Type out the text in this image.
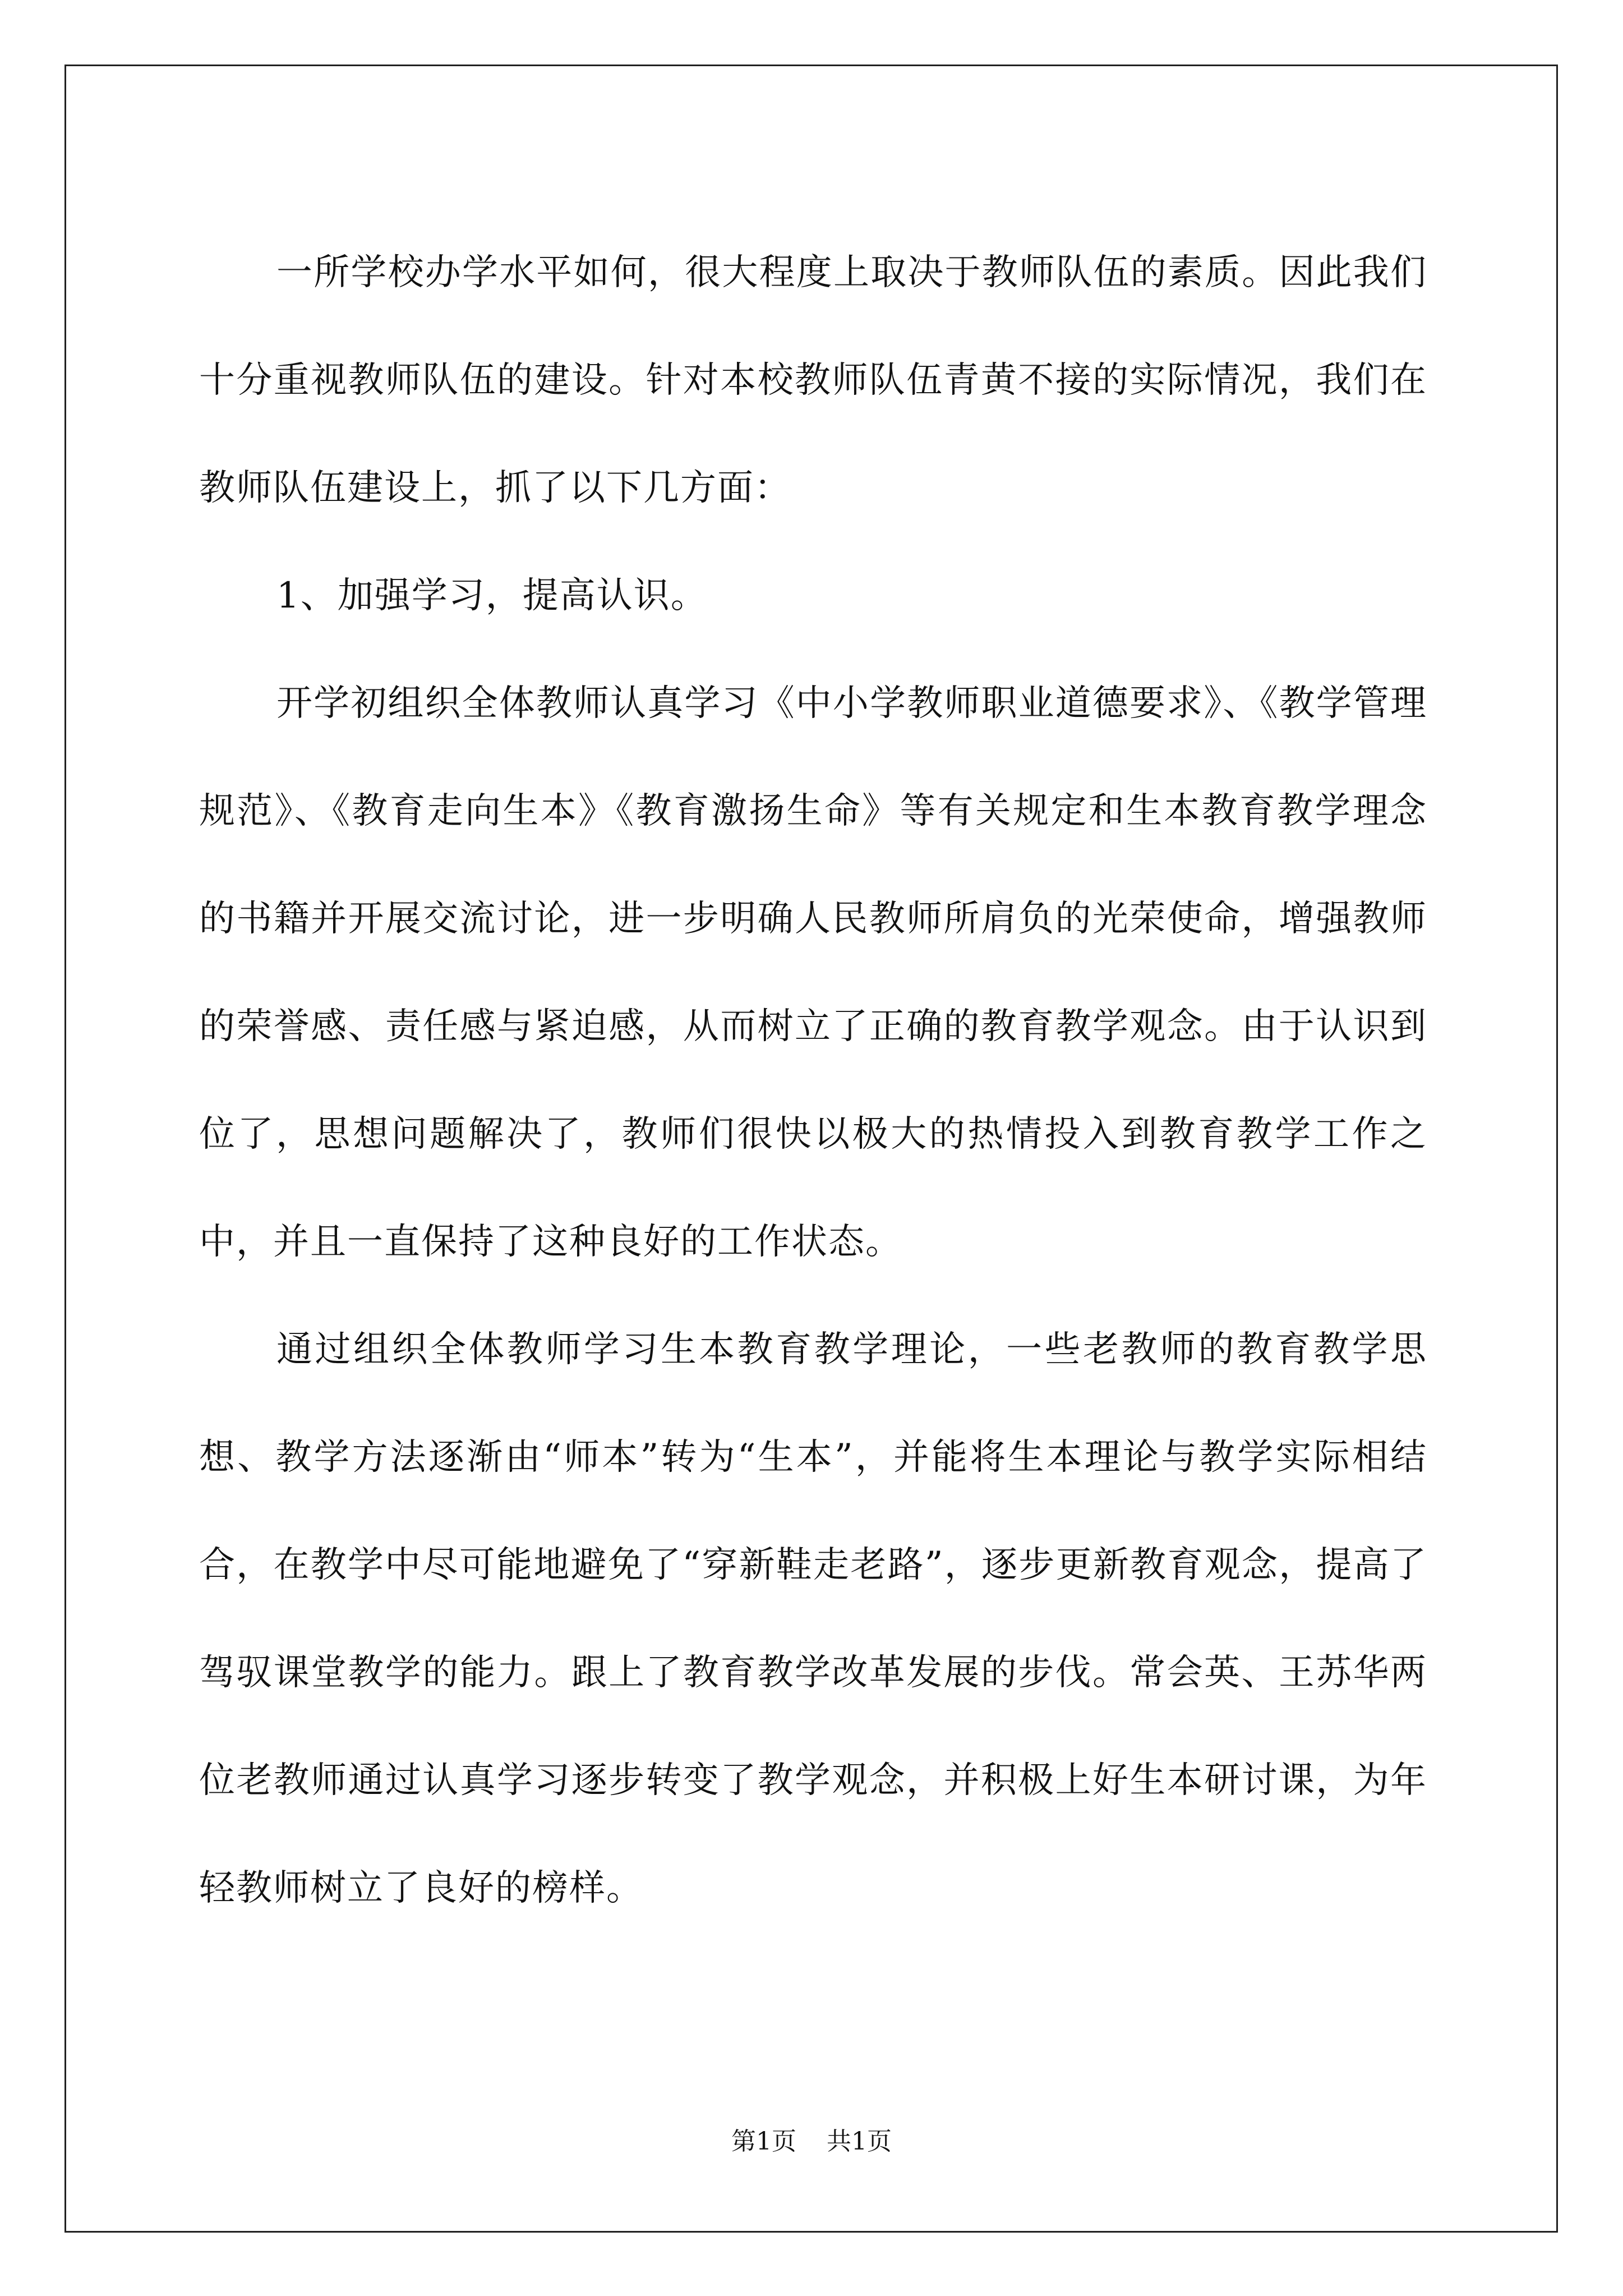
一所学校办学水平如何，很大程度上取决于教师队伍的素质。因此我们十分重视教师队伍的建设。针对本校教师队伍青黄不接的实际情况，我们在教师队伍建设上，抓了以下几方面：

1、加强学习，提高认识。

开学初组织全体教师认真学习《中小学教师职业道德要求》、《教学管理规范》、《教育走向生本》《教育激扬生命》等有关规定和生本教育教学理念的书籍并开展交流讨论，进一步明确人民教师所肩负的光荣使命，增强教师的荣誉感、责任感与紧迫感，从而树立了正确的教育教学观念。由于认识到位了，思想问题解决了，教师们很快以极大的热情投入到教育教学工作之中，并且一直保持了这种良好的工作状态。

通过组织全体教师学习生本教育教学理论，一些老教师的教育教学思想、教学方法逐渐由“师本”转为“生本”，并能将生本理论与教学实际相结合，在教学中尽可能地避免了“穿新鞋走老路”，逐步更新教育观念，提高了驾驭课堂教学的能力。跟上了教育教学改革发展的步伐。常会英、王苏华两位老教师通过认真学习逐步转变了教学观念，并积极上好生本研讨课，为年轻教师树立了良好的榜样。

第1页 共1页
